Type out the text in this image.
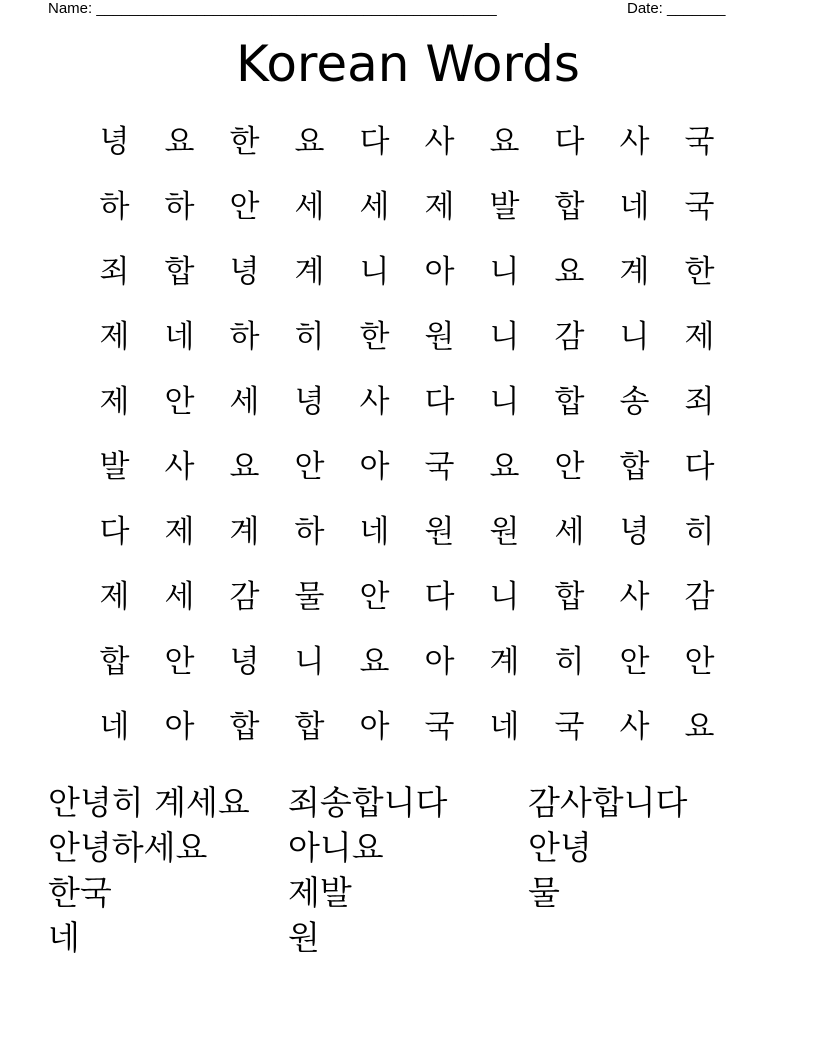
Name: ________________________________________________	Date: _______
Korean Words
녕	요	한	요	다	사	요	다	사	국
하	하	안	세	세	제	발	합	네	국
죄	합	녕	계	니	아	니	요	계	한
제	네	하	히	한	원	니	감	니	제
제	안	세	녕	사	다	니	합	송	죄
발	사	요	안	아	국	요	안	합	다
다	제	계	하	네	원	원	세	녕	히
제	세	감	물	안	다	니	합	사	감
합	안	녕	니	요	아	계	히	안	안
네	아	합	합	아	국	네	국	사	요
안녕히 계세요	죄송합니다	감사합니다
안녕하세요	아니요	안녕
한국	제발	물
네	원
